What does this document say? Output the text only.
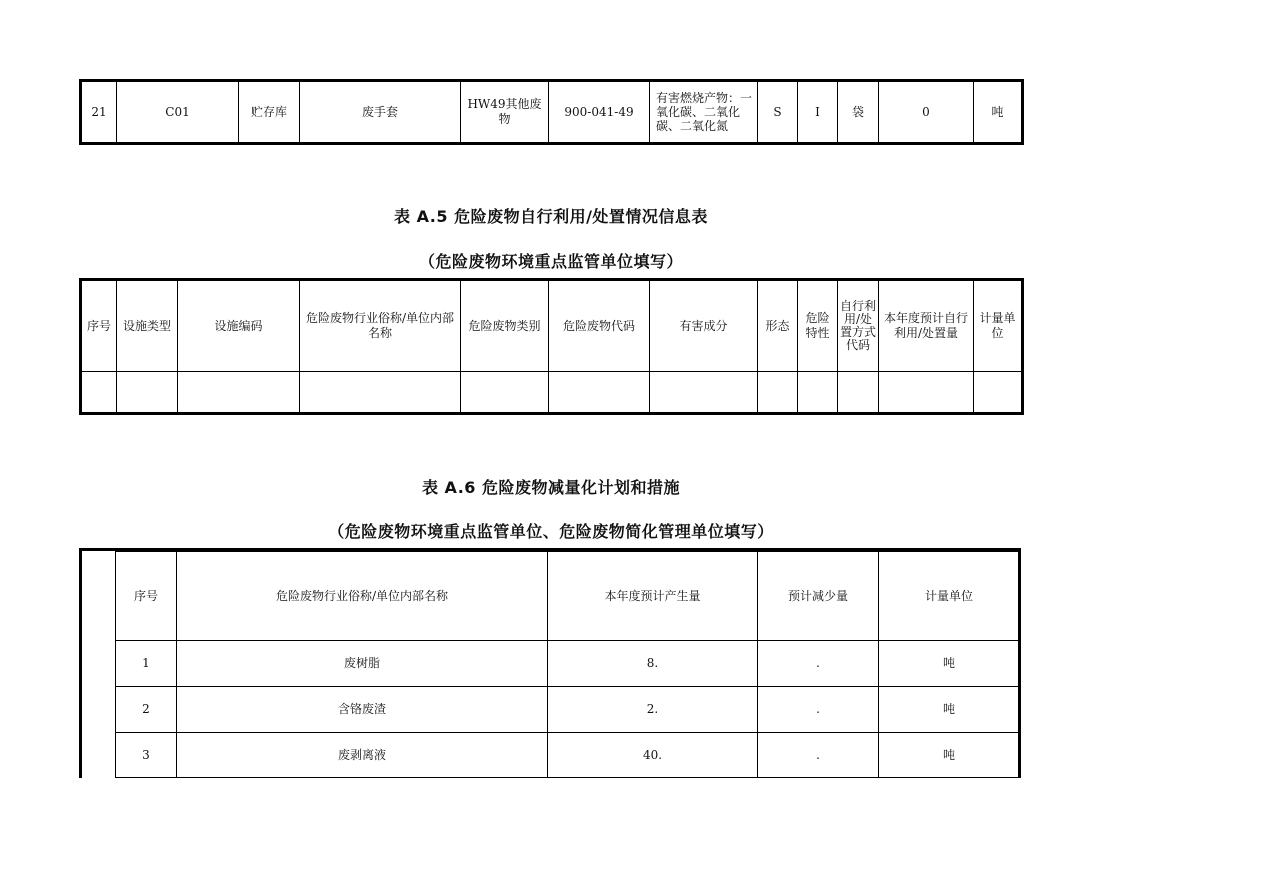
21	C01	贮存库	废手套	HW49其他废物	900-041-49	有害燃烧产物：一氧化碳、二氧化碳、二氧化氮	S	I	袋	0	吨
表 A.5 危险废物自行利用/处置情况信息表
（危险废物环境重点监管单位填写）
序号	设施类型	设施编码	危险废物行业俗称/单位内部名称	危险废物类别	危险废物代码	有害成分	形态	危险特性	自行利用/处置方式代码	本年度预计自行利用/处置量	计量单位

表 A.6 危险废物减量化计划和措施
（危险废物环境重点监管单位、危险废物简化管理单位填写）
序号	危险废物行业俗称/单位内部名称	本年度预计产生量	预计减少量	计量单位
1	废树脂	8.	.	吨
2	含铬废渣	2.	.	吨
3	废剥离液	40.	.	吨
